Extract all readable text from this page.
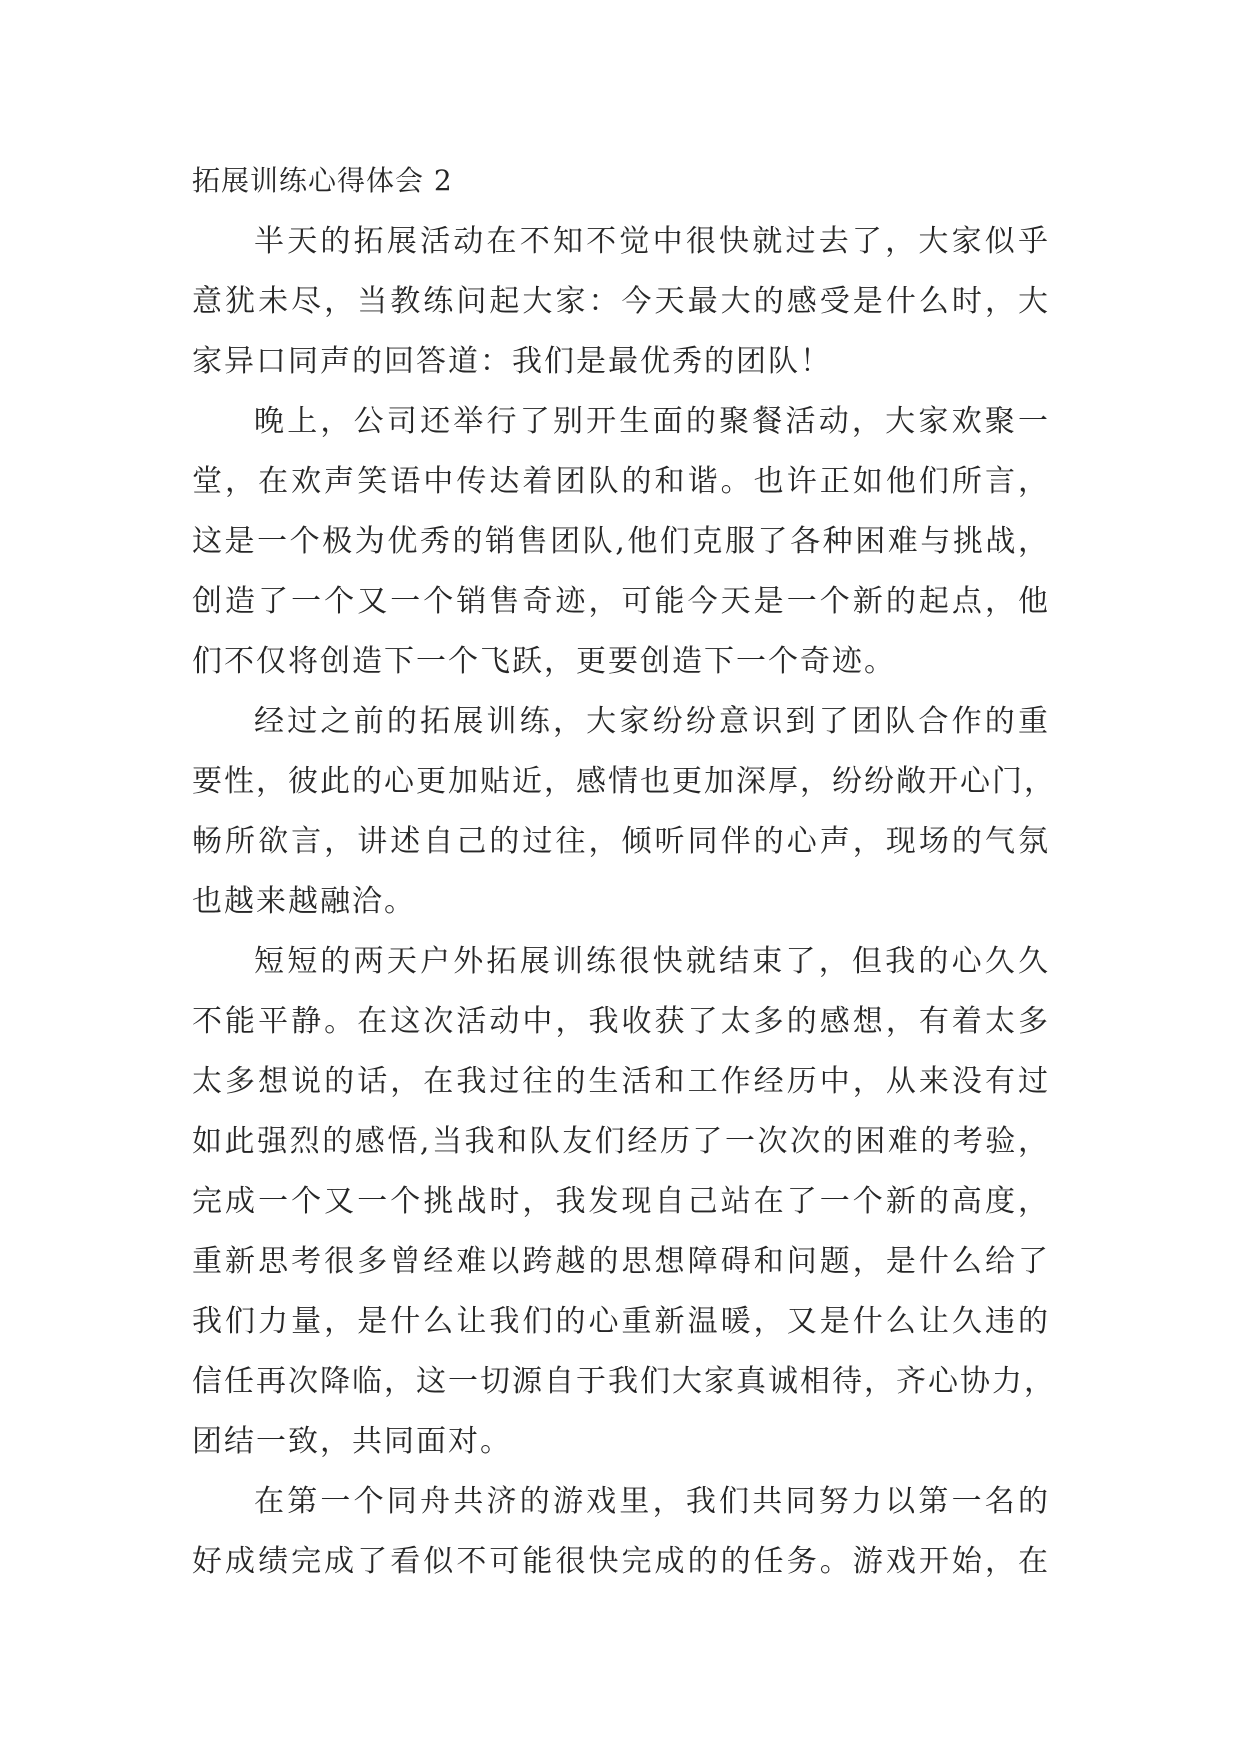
拓展训练心得体会 2

半天的拓展活动在不知不觉中很快就过去了，大家似乎
意犹未尽，当教练问起大家：今天最大的感受是什么时，大
家异口同声的回答道：我们是最优秀的团队！

晚上，公司还举行了别开生面的聚餐活动，大家欢聚一
堂，在欢声笑语中传达着团队的和谐。也许正如他们所言，
这是一个极为优秀的销售团队,他们克服了各种困难与挑战，
创造了一个又一个销售奇迹，可能今天是一个新的起点，他
们不仅将创造下一个飞跃，更要创造下一个奇迹。

经过之前的拓展训练，大家纷纷意识到了团队合作的重
要性，彼此的心更加贴近，感情也更加深厚，纷纷敞开心门，
畅所欲言，讲述自己的过往，倾听同伴的心声，现场的气氛
也越来越融洽。

短短的两天户外拓展训练很快就结束了，但我的心久久
不能平静。在这次活动中，我收获了太多的感想，有着太多
太多想说的话，在我过往的生活和工作经历中，从来没有过
如此强烈的感悟,当我和队友们经历了一次次的困难的考验，
完成一个又一个挑战时，我发现自己站在了一个新的高度，
重新思考很多曾经难以跨越的思想障碍和问题，是什么给了
我们力量，是什么让我们的心重新温暖，又是什么让久违的
信任再次降临，这一切源自于我们大家真诚相待，齐心协力，
团结一致，共同面对。

在第一个同舟共济的游戏里，我们共同努力以第一名的
好成绩完成了看似不可能很快完成的的任务。游戏开始，在
